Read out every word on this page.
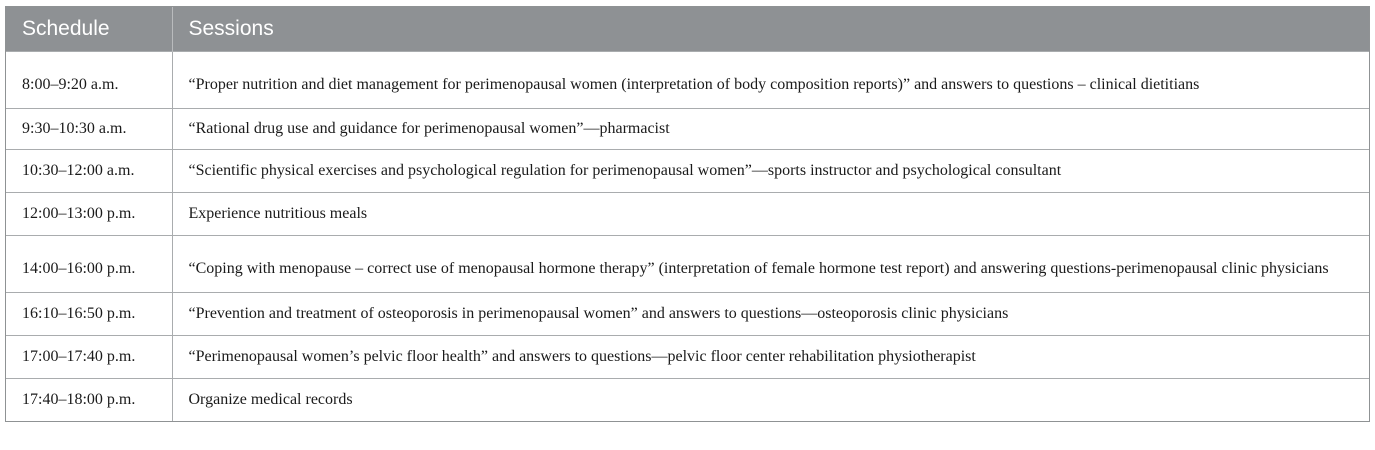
Schedule	Sessions
8:00–9:20 a.m.	“Proper nutrition and diet management for perimenopausal women (interpretation of body composition reports)” and answers to questions – clinical dietitians
9:30–10:30 a.m.	“Rational drug use and guidance for perimenopausal women”—pharmacist
10:30–12:00 a.m.	“Scientific physical exercises and psychological regulation for perimenopausal women”—sports instructor and psychological consultant
12:00–13:00 p.m.	Experience nutritious meals
14:00–16:00 p.m.	“Coping with menopause – correct use of menopausal hormone therapy” (interpretation of female hormone test report) and answering questions-perimenopausal clinic physicians
16:10–16:50 p.m.	“Prevention and treatment of osteoporosis in perimenopausal women” and answers to questions—osteoporosis clinic physicians
17:00–17:40 p.m.	“Perimenopausal women’s pelvic floor health” and answers to questions—pelvic floor center rehabilitation physiotherapist
17:40–18:00 p.m.	Organize medical records
